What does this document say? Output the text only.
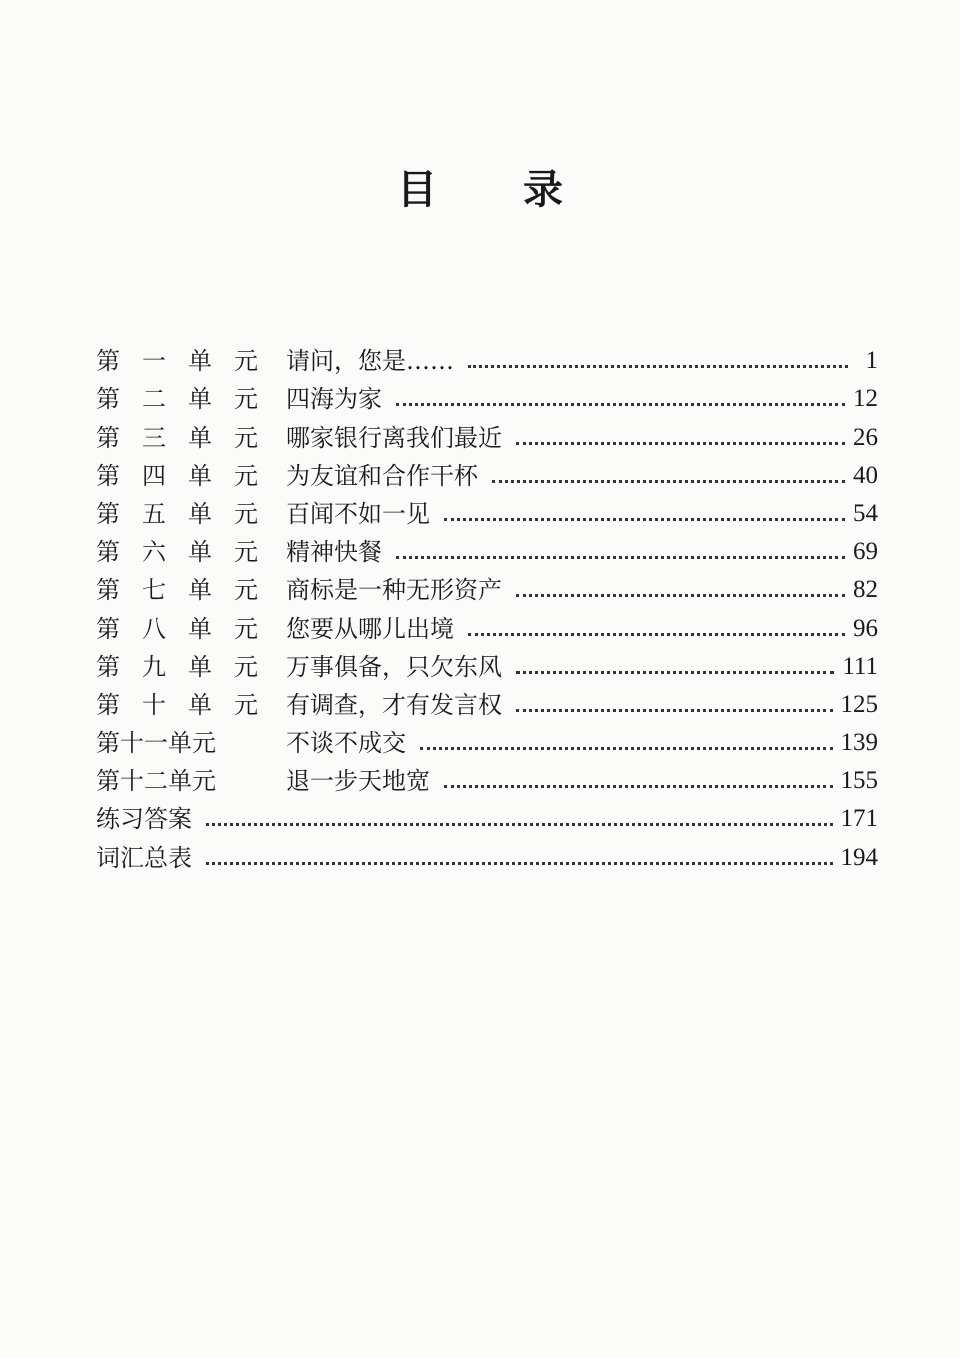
目 录
第 一 单 元 请问，您是……	1
第 二 单 元 四海为家	12
第 三 单 元 哪家银行离我们最近	26
第 四 单 元 为友谊和合作干杯	40
第 五 单 元 百闻不如一见	54
第 六 单 元 精神快餐	69
第 七 单 元 商标是一种无形资产	82
第 八 单 元 您要从哪儿出境	96
第 九 单 元 万事俱备，只欠东风	111
第 十 单 元 有调查，才有发言权	125
第十一单元	不谈不成交	139
第十二单元	退一步天地宽	155
练习答案	171
词汇总表	194
